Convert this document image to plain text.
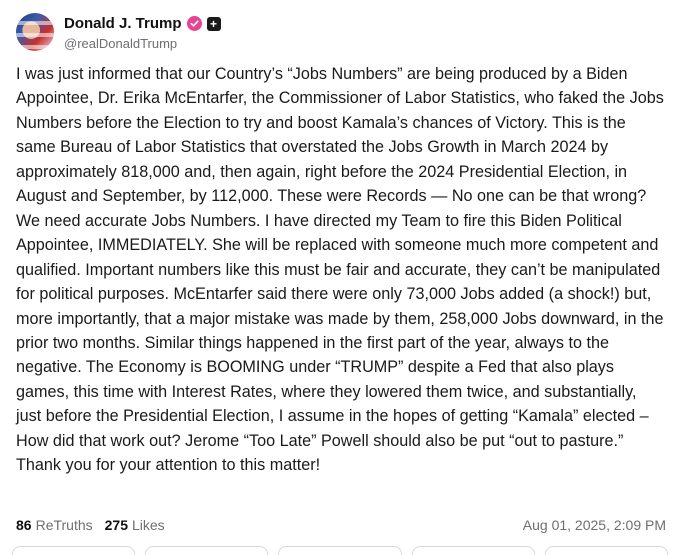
Donald J. Trump +
@realDonaldTrump

I was just informed that our Country’s “Jobs Numbers” are being produced by a Biden Appointee, Dr. Erika McEntarfer, the Commissioner of Labor Statistics, who faked the Jobs Numbers before the Election to try and boost Kamala’s chances of Victory. This is the same Bureau of Labor Statistics that overstated the Jobs Growth in March 2024 by approximately 818,000 and, then again, right before the 2024 Presidential Election, in August and September, by 112,000. These were Records — No one can be that wrong? We need accurate Jobs Numbers. I have directed my Team to fire this Biden Political Appointee, IMMEDIATELY. She will be replaced with someone much more competent and qualified. Important numbers like this must be fair and accurate, they can’t be manipulated for political purposes. McEntarfer said there were only 73,000 Jobs added (a shock!) but, more importantly, that a major mistake was made by them, 258,000 Jobs downward, in the prior two months. Similar things happened in the first part of the year, always to the negative. The Economy is BOOMING under “TRUMP” despite a Fed that also plays games, this time with Interest Rates, where they lowered them twice, and substantially, just before the Presidential Election, I assume in the hopes of getting “Kamala” elected – How did that work out? Jerome “Too Late” Powell should also be put “out to pasture.” Thank you for your attention to this matter!

86 ReTruths 275 Likes	Aug 01, 2025, 2:09 PM
